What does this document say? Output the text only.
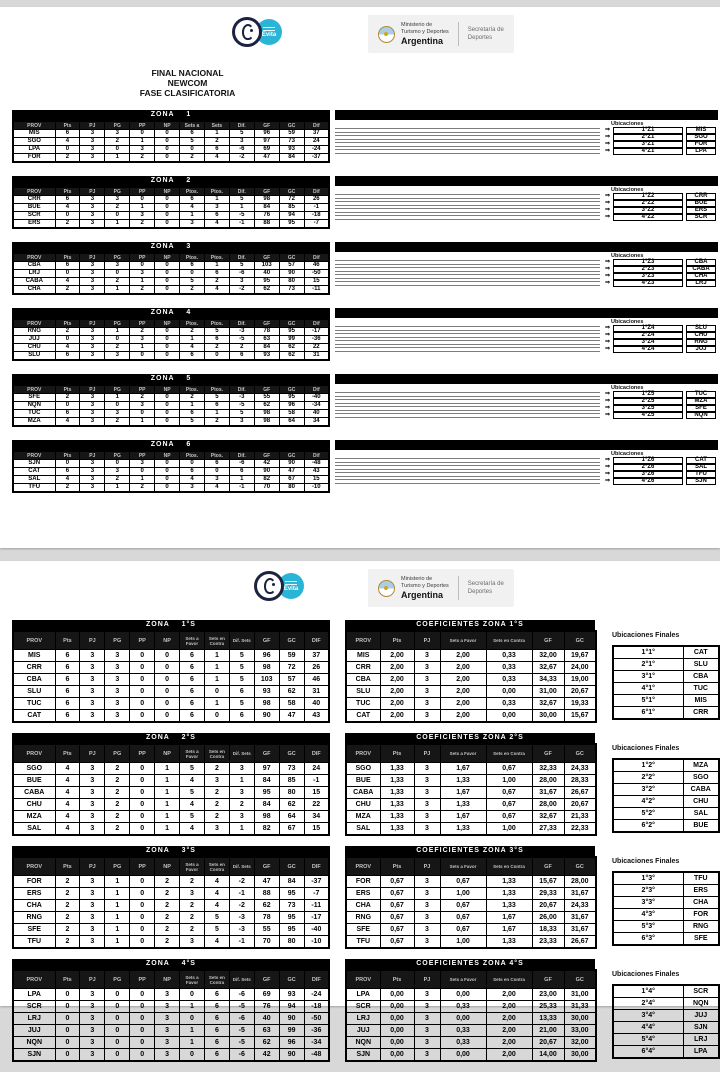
Evita
Ministerio de
Turismo y Deportes
Argentina
Secretaría de
Deportes
FINAL NACIONAL
NEWCOM
FASE CLASIFICATORIA
ZONA    1
PROV	Pts	PJ	PG	PP	NP	Sets a	Sets	Dif.	GF	GC	Dif
MIS	6	3	3	0	0	6	1	5	96	59	37
SGO	4	3	2	1	0	5	2	3	97	73	24
LPA	0	3	0	3	0	0	6	-6	69	93	-24
FOR	2	3	1	2	0	2	4	-2	47	84	-37
Ubicaciones
⇒	1°Z1	MIS
⇒	2°Z1	SGO
⇒	3°Z1	FOR
⇒	4°Z1	LPA
ZONA    2
PROV	Pts	PJ	PG	PP	NP	Ptos.	Ptos.	Dif.	GF	GC	Dif
CRR	6	3	3	0	0	6	1	5	98	72	26
BUE	4	3	2	1	0	4	3	1	84	85	-1
SCR	0	3	0	3	0	1	6	-5	76	94	-18
ERS	2	3	1	2	0	3	4	-1	88	95	-7
Ubicaciones
⇒	1°Z2	CRR
⇒	2°Z2	BUE
⇒	3°Z2	ERS
⇒	4°Z2	SCR
ZONA    3
PROV	Pts	PJ	PG	PP	NP	Ptos.	Ptos.	Dif.	GF	GC	Dif
CBA	6	3	3	0	0	6	1	5	103	57	46
LRJ	0	3	0	3	0	0	6	-6	40	90	-50
CABA	4	3	2	1	0	5	2	3	95	80	15
CHA	2	3	1	2	0	2	4	-2	62	73	-11
Ubicaciones
⇒	1°Z3	CBA
⇒	2°Z3	CABA
⇒	3°Z3	CHA
⇒	4°Z3	LRJ
ZONA    4
PROV	Pts	PJ	PG	PP	NP	Ptos.	Ptos.	Dif.	GF	GC	Dif
RNG	2	3	1	2	0	2	5	-3	78	95	-17
JUJ	0	3	0	3	0	1	6	-5	63	99	-36
CHU	4	3	2	1	0	4	2	2	84	62	22
SLU	6	3	3	0	0	6	0	6	93	62	31
Ubicaciones
⇒	1°Z4	SLU
⇒	2°Z4	CHU
⇒	3°Z4	RNG
⇒	4°Z4	JUJ
ZONA    5
PROV	Pts	PJ	PG	PP	NP	Ptos.	Ptos.	Dif.	GF	GC	Dif
SFE	2	3	1	2	0	2	5	-3	55	95	-40
NQN	0	3	0	3	0	1	6	-5	62	96	-34
TUC	6	3	3	0	0	6	1	5	98	58	40
MZA	4	3	2	1	0	5	2	3	98	64	34
Ubicaciones
⇒	1°Z5	TUC
⇒	2°Z5	MZA
⇒	3°Z5	SFE
⇒	4°Z5	NQN
ZONA    6
PROV	Pts	PJ	PG	PP	NP	Ptos.	Ptos.	Dif.	GF	GC	Dif
SJN	0	3	0	3	0	0	6	-6	42	90	-48
CAT	6	3	3	0	0	6	0	6	90	47	43
SAL	4	3	2	1	0	4	3	1	82	67	15
TFU	2	3	1	2	0	3	4	-1	70	80	-10
Ubicaciones
⇒	1°Z6	CAT
⇒	2°Z6	SAL
⇒	3°Z6	TFU
⇒	4°Z6	SJN
Evita
Ministerio de
Turismo y Deportes
Argentina
Secretaría de
Deportes
ZONA    1°S
PROV	Pts	PJ	PG	PP	NP	Sets a Favor	Sets en Contra	Dif. Sets	GF	GC	DIF
MIS	6	3	3	0	0	6	1	5	96	59	37
CRR	6	3	3	0	0	6	1	5	98	72	26
CBA	6	3	3	0	0	6	1	5	103	57	46
SLU	6	3	3	0	0	6	0	6	93	62	31
TUC	6	3	3	0	0	6	1	5	98	58	40
CAT	6	3	3	0	0	6	0	6	90	47	43
COEFICIENTES ZONA 1°S
PROV	Pts	PJ	Sets a Favor	Sets en Contra	GF	GC
MIS	2,00	3	2,00	0,33	32,00	19,67
CRR	2,00	3	2,00	0,33	32,67	24,00
CBA	2,00	3	2,00	0,33	34,33	19,00
SLU	2,00	3	2,00	0,00	31,00	20,67
TUC	2,00	3	2,00	0,33	32,67	19,33
CAT	2,00	3	2,00	0,00	30,00	15,67
Ubicaciones Finales
1°1°	CAT
2°1°	SLU
3°1°	CBA
4°1°	TUC
5°1°	MIS
6°1°	CRR
ZONA    2°S
PROV	Pts	PJ	PG	PP	NP	Sets a Favor	Sets en Contra	Dif. Sets	GF	GC	DIF
SGO	4	3	2	0	1	5	2	3	97	73	24
BUE	4	3	2	0	1	4	3	1	84	85	-1
CABA	4	3	2	0	1	5	2	3	95	80	15
CHU	4	3	2	0	1	4	2	2	84	62	22
MZA	4	3	2	0	1	5	2	3	98	64	34
SAL	4	3	2	0	1	4	3	1	82	67	15
COEFICIENTES ZONA 2°S
PROV	Pts	PJ	Sets a Favor	Sets en Contra	GF	GC
SGO	1,33	3	1,67	0,67	32,33	24,33
BUE	1,33	3	1,33	1,00	28,00	28,33
CABA	1,33	3	1,67	0,67	31,67	26,67
CHU	1,33	3	1,33	0,67	28,00	20,67
MZA	1,33	3	1,67	0,67	32,67	21,33
SAL	1,33	3	1,33	1,00	27,33	22,33
Ubicaciones Finales
1°2°	MZA
2°2°	SGO
3°2°	CABA
4°2°	CHU
5°2°	SAL
6°2°	BUE
ZONA    3°S
PROV	Pts	PJ	PG	PP	NP	Sets a Favor	Sets en Contra	Dif. Sets	GF	GC	DIF
FOR	2	3	1	0	2	2	4	-2	47	84	-37
ERS	2	3	1	0	2	3	4	-1	88	95	-7
CHA	2	3	1	0	2	2	4	-2	62	73	-11
RNG	2	3	1	0	2	2	5	-3	78	95	-17
SFE	2	3	1	0	2	2	5	-3	55	95	-40
TFU	2	3	1	0	2	3	4	-1	70	80	-10
COEFICIENTES ZONA 3°S
PROV	Pts	PJ	Sets a Favor	Sets en Contra	GF	GC
FOR	0,67	3	0,67	1,33	15,67	28,00
ERS	0,67	3	1,00	1,33	29,33	31,67
CHA	0,67	3	0,67	1,33	20,67	24,33
RNG	0,67	3	0,67	1,67	26,00	31,67
SFE	0,67	3	0,67	1,67	18,33	31,67
TFU	0,67	3	1,00	1,33	23,33	26,67
Ubicaciones Finales
1°3°	TFU
2°3°	ERS
3°3°	CHA
4°3°	FOR
5°3°	RNG
6°3°	SFE
ZONA    4°S
PROV	Pts	PJ	PG	PP	NP	Sets a Favor	Sets en Contra	Dif. Sets	GF	GC	DIF
LPA	0	3	0	0	3	0	6	-6	69	93	-24
SCR	0	3	0	0	3	1	6	-5	76	94	-18
LRJ	0	3	0	0	3	0	6	-6	40	90	-50
JUJ	0	3	0	0	3	1	6	-5	63	99	-36
NQN	0	3	0	0	3	1	6	-5	62	96	-34
SJN	0	3	0	0	3	0	6	-6	42	90	-48
COEFICIENTES ZONA 4°S
PROV	Pts	PJ	Sets a Favor	Sets en Contra	GF	GC
LPA	0,00	3	0,00	2,00	23,00	31,00
SCR	0,00	3	0,33	2,00	25,33	31,33
LRJ	0,00	3	0,00	2,00	13,33	30,00
JUJ	0,00	3	0,33	2,00	21,00	33,00
NQN	0,00	3	0,33	2,00	20,67	32,00
SJN	0,00	3	0,00	2,00	14,00	30,00
Ubicaciones Finales
1°4°	SCR
2°4°	NQN
3°4°	JUJ
4°4°	SJN
5°4°	LRJ
6°4°	LPA
